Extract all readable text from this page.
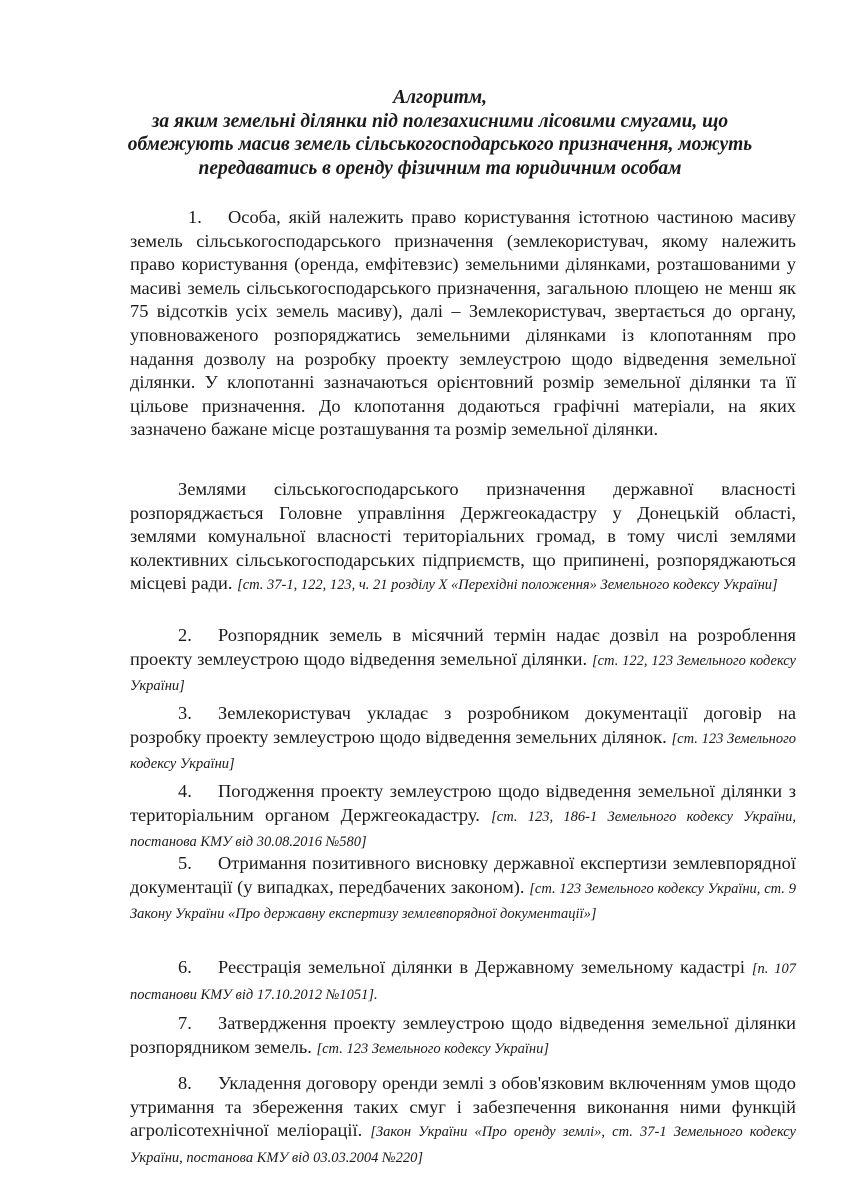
Алгоритм,
за яким земельні ділянки під полезахисними лісовими смугами, що
обмежують масив земель сільськогосподарського призначення, можуть
передаватись в оренду фізичним та юридичним особам
1. Особа, якій належить право користування істотною частиною масиву земель сільськогосподарського призначення (землекористувач, якому належить право користування (оренда, емфітевзис) земельними ділянками, розташованими у масиві земель сільськогосподарського призначення, загальною площею не менш як 75 відсотків усіх земель масиву), далі – Землекористувач, звертається до органу, уповноваженого розпоряджатись земельними ділянками із клопотанням про надання дозволу на розробку проекту землеустрою щодо відведення земельної ділянки. У клопотанні зазначаються орієнтовний розмір земельної ділянки та її цільове призначення. До клопотання додаються графічні матеріали, на яких зазначено бажане місце розташування та розмір земельної ділянки.
Землями сільськогосподарського призначення державної власності розпоряджається Головне управління Держгеокадастру у Донецькій області, землями комунальної власності територіальних громад, в тому числі землями колективних сільськогосподарських підприємств, що припинені, розпоряджаються місцеві ради. [ст. 37-1, 122, 123, ч. 21 розділу X «Перехідні положення» Земельного кодексу України]
2. Розпорядник земель в місячний термін надає дозвіл на розроблення проекту землеустрою щодо відведення земельної ділянки. [ст. 122, 123 Земельного кодексу України]
3. Землекористувач укладає з розробником документації договір на розробку проекту землеустрою щодо відведення земельних ділянок. [ст. 123 Земельного кодексу України]
4. Погодження проекту землеустрою щодо відведення земельної ділянки з територіальним органом Держгеокадастру. [ст. 123, 186-1 Земельного кодексу України, постанова КМУ від 30.08.2016 №580]
5. Отримання позитивного висновку державної експертизи землевпорядної документації (у випадках, передбачених законом). [ст. 123 Земельного кодексу України, ст. 9 Закону України «Про державну експертизу землевпорядної документації»]
6. Реєстрація земельної ділянки в Державному земельному кадастрі [п. 107 постанови КМУ від 17.10.2012 №1051].
7. Затвердження проекту землеустрою щодо відведення земельної ділянки розпорядником земель. [ст. 123 Земельного кодексу України]
8. Укладення договору оренди землі з обов'язковим включенням умов щодо утримання та збереження таких смуг і забезпечення виконання ними функцій агролісотехнічної меліорації. [Закон України «Про оренду землі», ст. 37-1 Земельного кодексу України, постанова КМУ від 03.03.2004 №220]
